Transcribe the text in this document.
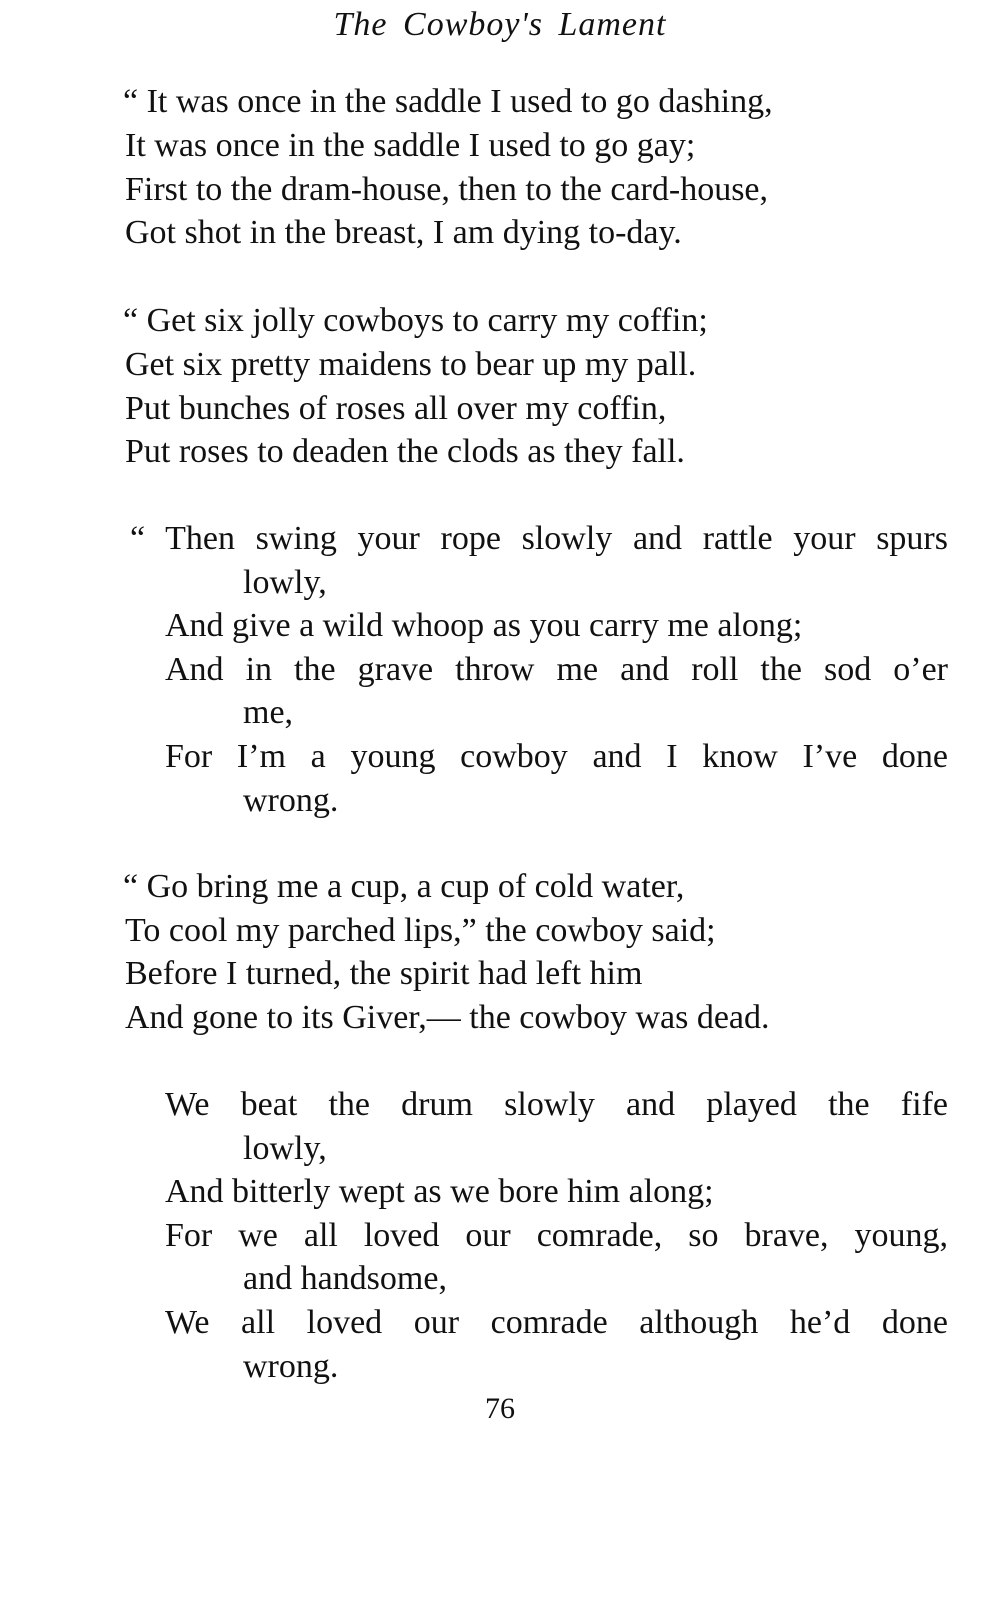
The Cowboy's Lament
“ It was once in the saddle I used to go dashing,
It was once in the saddle I used to go gay;
First to the dram-house, then to the card-house,
Got shot in the breast, I am dying to-day.
“ Get six jolly cowboys to carry my coffin;
Get six pretty maidens to bear up my pall.
Put bunches of roses all over my coffin,
Put roses to deaden the clods as they fall.
“ Then swing your rope slowly and rattle your spurs
lowly,
And give a wild whoop as you carry me along;
And in the grave throw me and roll the sod o’er
me,
For I’m a young cowboy and I know I’ve done
wrong.
“ Go bring me a cup, a cup of cold water,
To cool my parched lips,” the cowboy said;
Before I turned, the spirit had left him
And gone to its Giver,— the cowboy was dead.
We beat the drum slowly and played the fife
lowly,
And bitterly wept as we bore him along;
For we all loved our comrade, so brave, young,
and handsome,
We all loved our comrade although he’d done
wrong.
76
